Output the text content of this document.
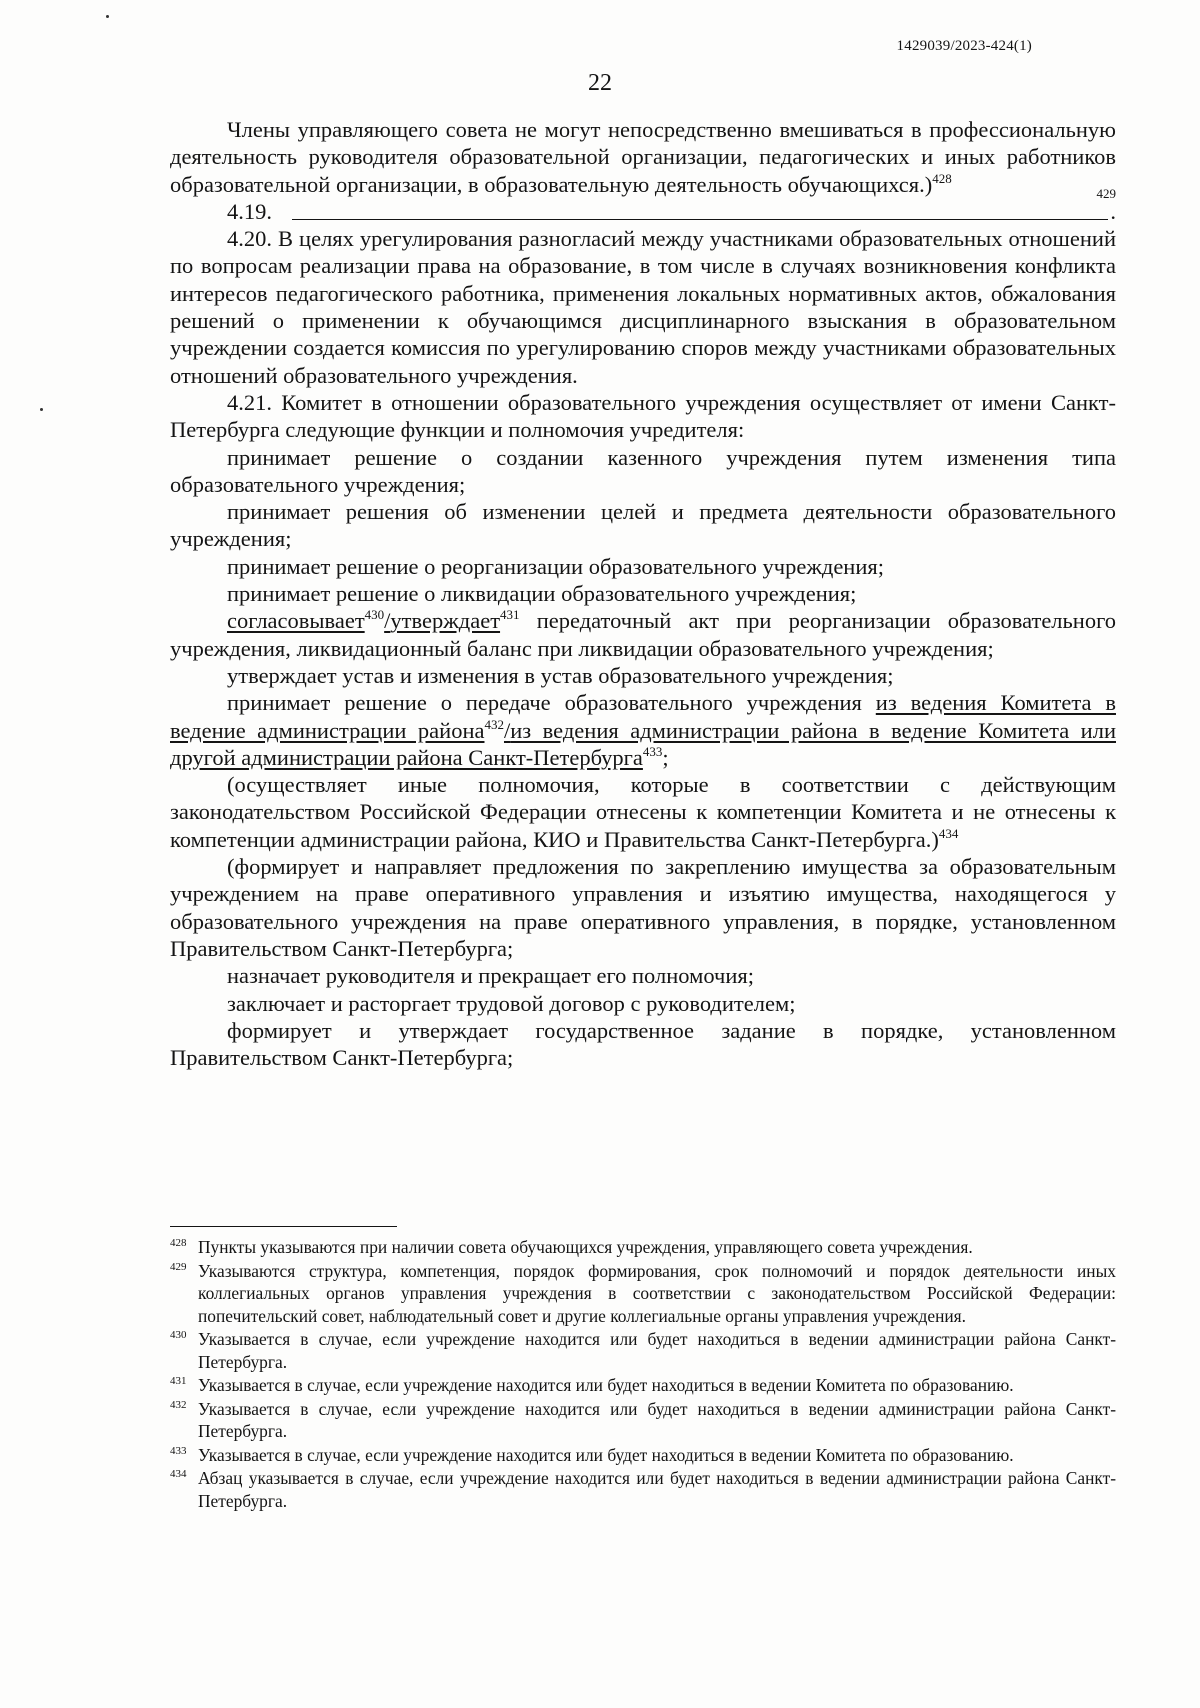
1429039/2023-424(1)
22

Члены управляющего совета не могут непосредственно вмешиваться в профессиональную деятельность руководителя образовательной организации, педагогических и иных работников образовательной организации, в образовательную деятельность обучающихся.)$^{428}$

4.19.	.
429

4.20. В целях урегулирования разногласий между участниками образовательных отношений по вопросам реализации права на образование, в том числе в случаях возникновения конфликта интересов педагогического работника, применения локальных нормативных актов, обжалования решений о применении к обучающимся дисциплинарного взыскания в образовательном учреждении создается комиссия по урегулированию споров между участниками образовательных отношений образовательного учреждения.

4.21. Комитет в отношении образовательного учреждения осуществляет от имени Санкт-Петербурга следующие функции и полномочия учредителя:

принимает решение о создании казенного учреждения путем изменения типа образовательного учреждения;

принимает решения об изменении целей и предмета деятельности образовательного учреждения;

принимает решение о реорганизации образовательного учреждения;

принимает решение о ликвидации образовательного учреждения;

согласовывает$^{430}$/утверждает$^{431}$ передаточный акт при реорганизации образовательного учреждения, ликвидационный баланс при ликвидации образовательного учреждения;

утверждает устав и изменения в устав образовательного учреждения;

принимает решение о передаче образовательного учреждения из ведения Комитета в ведение администрации района$^{432}$/из ведения администрации района в ведение Комитета или другой администрации района Санкт-Петербурга$^{433}$;

(осуществляет иные полномочия, которые в соответствии с действующим законодательством Российской Федерации отнесены к компетенции Комитета и не отнесены к компетенции администрации района, КИО и Правительства Санкт-Петербурга.)$^{434}$

(формирует и направляет предложения по закреплению имущества за образовательным учреждением на праве оперативного управления и изъятию имущества, находящегося у образовательного учреждения на праве оперативного управления, в порядке, установленном Правительством Санкт-Петербурга;

назначает руководителя и прекращает его полномочия;

заключает и расторгает трудовой договор с руководителем;

формирует и утверждает государственное задание в порядке, установленном Правительством Санкт-Петербурга;

428 Пункты указываются при наличии совета обучающихся учреждения, управляющего совета учреждения.

429 Указываются структура, компетенция, порядок формирования, срок полномочий и порядок деятельности иных коллегиальных органов управления учреждения в соответствии с законодательством Российской Федерации: попечительский совет, наблюдательный совет и другие коллегиальные органы управления учреждения.

430 Указывается в случае, если учреждение находится или будет находиться в ведении администрации района Санкт-Петербурга.

431 Указывается в случае, если учреждение находится или будет находиться в ведении Комитета по образованию.

432 Указывается в случае, если учреждение находится или будет находиться в ведении администрации района Санкт-Петербурга.

433 Указывается в случае, если учреждение находится или будет находиться в ведении Комитета по образованию.

434 Абзац указывается в случае, если учреждение находится или будет находиться в ведении администрации района Санкт-Петербурга.
